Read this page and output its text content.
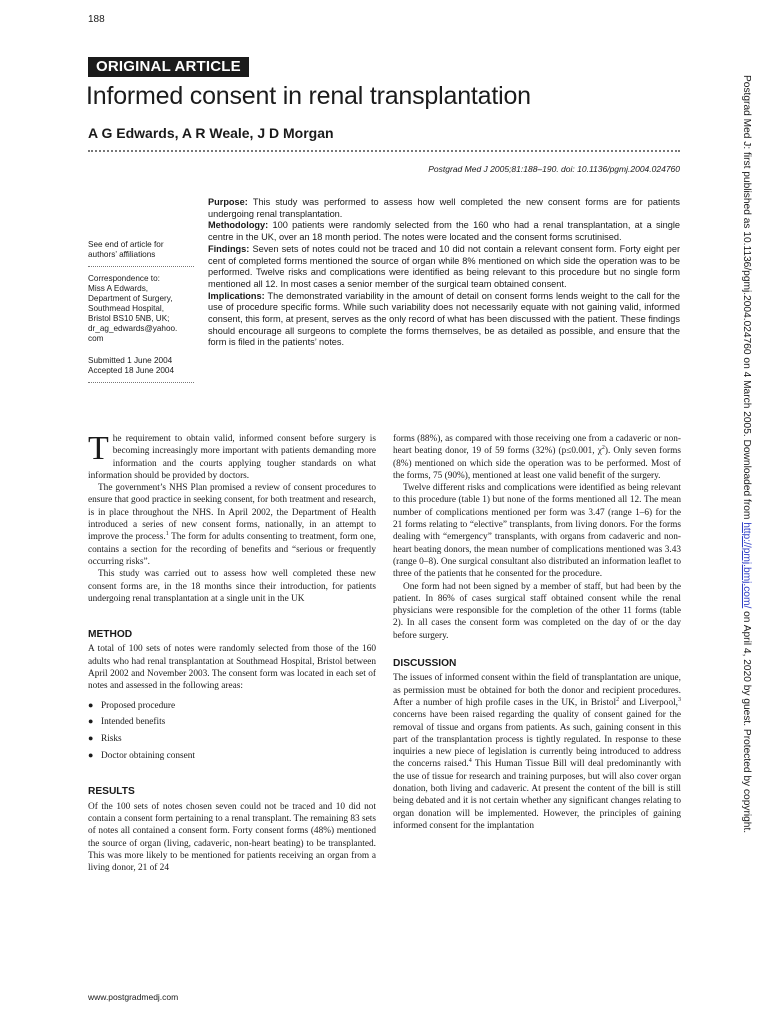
188
ORIGINAL ARTICLE
Informed consent in renal transplantation
A G Edwards, A R Weale, J D Morgan
Postgrad Med J 2005;81:188–190. doi: 10.1136/pgmj.2004.024760
See end of article for authors’ affiliations
Correspondence to:
Miss A Edwards,
Department of Surgery,
Southmead Hospital,
Bristol BS10 5NB, UK;
dr_ag_edwards@yahoo.
com
Submitted 1 June 2004
Accepted 18 June 2004

Purpose: This study was performed to assess how well completed the new consent forms are for patients undergoing renal transplantation.

Methodology: 100 patients were randomly selected from the 160 who had a renal transplantation, at a single centre in the UK, over an 18 month period. The notes were located and the consent forms scrutinised.

Findings: Seven sets of notes could not be traced and 10 did not contain a relevant consent form. Forty eight per cent of completed forms mentioned the source of organ while 8% mentioned on which side the operation was to be performed. Twelve risks and complications were identified as being relevant to this procedure but no single form mentioned all 12. In most cases a senior member of the surgical team obtained consent.

Implications: The demonstrated variability in the amount of detail on consent forms lends weight to the call for the use of procedure specific forms. While such variability does not necessarily equate with not gaining valid, informed consent, this form, at present, serves as the only record of what has been discussed with the patient. These findings should encourage all surgeons to complete the forms themselves, be as detailed as possible, and ensure that the form is filed in the patients’ notes.

The requirement to obtain valid, informed consent before surgery is becoming increasingly more important with patients demanding more information and the courts applying tougher standards on what information should be provided by doctors.

The government’s NHS Plan promised a review of consent procedures to ensure that good practice in seeking consent, for both treatment and research, is in place throughout the NHS. In April 2002, the Department of Health introduced a series of new consent forms, nationally, in an attempt to improve the process.$^1$ The form for adults consenting to treatment, form one, contains a section for the recording of benefits and “serious or frequently occurring risks”.

This study was carried out to assess how well completed these new consent forms are, in the 18 months since their introduction, for patients undergoing renal transplantation at a single unit in the UK

METHOD

A total of 100 sets of notes were randomly selected from those of the 160 adults who had renal transplantation at Southmead Hospital, Bristol between April 2002 and November 2003. The consent form was located in each set of notes and assessed in the following areas:

● Proposed procedure
● Intended benefits
● Risks
● Doctor obtaining consent
RESULTS

Of the 100 sets of notes chosen seven could not be traced and 10 did not contain a consent form pertaining to a renal transplant. The remaining 83 sets of notes all contained a consent form. Forty consent forms (48%) mentioned the source of organ (living, cadaveric, non-heart beating) to be transplanted. This was more likely to be mentioned for patients receiving an organ from a living donor, 21 of 24

forms (88%), as compared with those receiving one from a cadaveric or non-heart beating donor, 19 of 59 forms (32%) (p≤0.001, $\chi^2$). Only seven forms (8%) mentioned on which side the operation was to be performed. Most of the forms, 75 (90%), mentioned at least one valid benefit of the surgery.

Twelve different risks and complications were identified as being relevant to this procedure (table 1) but none of the forms mentioned all 12. The mean number of complications mentioned per form was 3.47 (range 1–6) for the 21 forms relating to “elective” transplants, from living donors. For the forms dealing with “emergency” transplants, with organs from cadaveric and non-heart beating donors, the mean number of complications mentioned was 3.43 (range 0–8). One surgical consultant also distributed an information leaflet to three of the patients that he consented for the procedure.

One form had not been signed by a member of staff, but had been by the patient. In 86% of cases surgical staff obtained consent while the renal physicians were responsible for the completion of the other 11 forms (table 2). In all cases the consent form was completed on the day of or the day before surgery.

DISCUSSION

The issues of informed consent within the field of transplantation are unique, as permission must be obtained for both the donor and recipient procedures. After a number of high profile cases in the UK, in Bristol$^2$ and Liverpool,$^3$ concerns have been raised regarding the quality of consent gained for the removal of tissue and organs from patients. As such, gaining consent in this part of the transplantation process is tightly regulated. In response to these inquiries a new piece of legislation is currently being introduced to address the concerns raised.$^4$ This Human Tissue Bill will deal predominantly with the use of tissue for research and training purposes, but will also cover organ donation, both living and cadaveric. At present the content of the bill is still being debated and it is not certain whether any significant changes relating to organ donation will be implemented. However, the principles of gaining informed consent for the implantation

www.postgradmedj.com
Postgrad Med J: first published as 10.1136/pgmj.2004.024760 on 4 March 2005. Downloaded from http://pmj.bmj.com/ on April 4, 2020 by guest. Protected by copyright.
